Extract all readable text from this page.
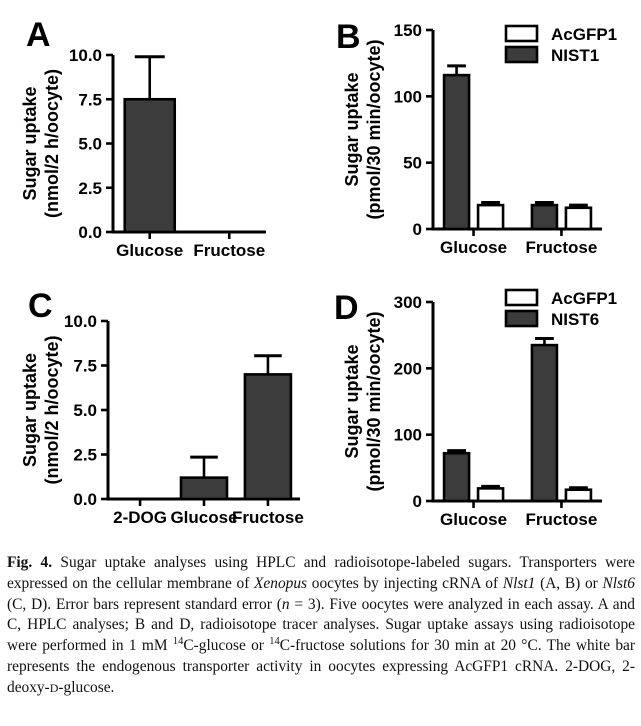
A
Sugar uptake (nmol/2 h/oocyte)
0.0
2.5
5.0
7.5
10.0
Glucose Fructose
B
Sugar uptake (pmol/30 min/oocyte)
0
50
100
150
Glucose Fructose
AcGFP1
NIST1
C
Sugar uptake (nmol/2 h/oocyte)
0.0
2.5
5.0
7.5
10.0
2-DOG Glucose
Fructose
D
Sugar uptake (pmol/30 min/oocyte)
0
100
200
300
Glucose Fructose
AcGFP1
NIST6

Fig. 4. Sugar uptake analyses using HPLC and radioisotope-labeled sugars. Transporters were expressed on the cellular membrane of Xenopus oocytes by injecting cRNA of Nlst1 (A, B) or Nlst6 (C, D). Error bars represent standard error (n = 3). Five oocytes were analyzed in each assay. A and C, HPLC analyses; B and D, radioisotope tracer analyses. Sugar uptake assays using radioisotope were performed in 1 mM $^{14}$C-glucose or $^{14}$C-fructose solutions for 30 min at 20 °C. The white bar represents the endogenous transporter activity in oocytes expressing AcGFP1 cRNA. 2-DOG, 2-deoxy-D-glucose.
